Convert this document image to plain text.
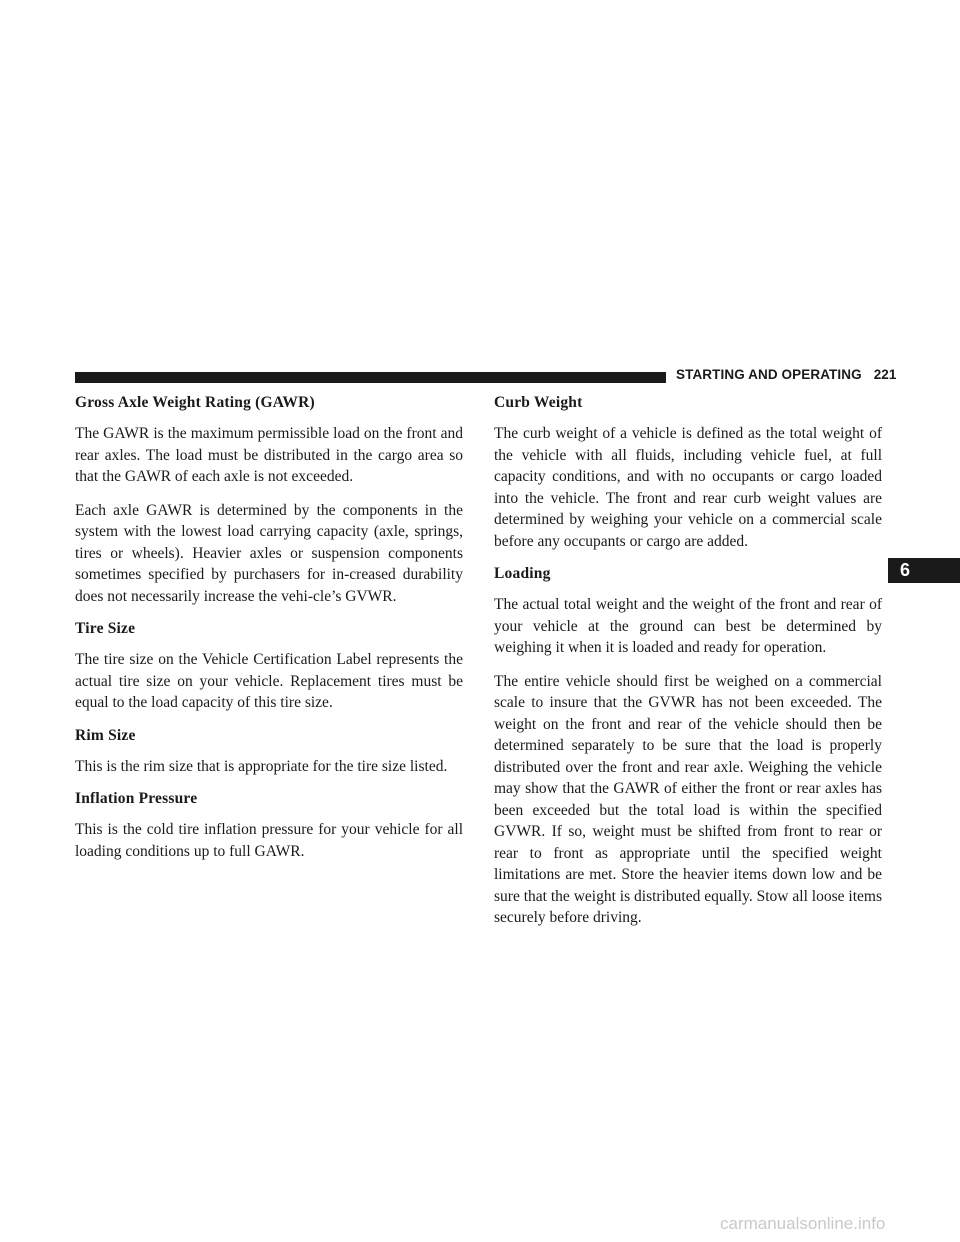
STARTING AND OPERATING 221
Gross Axle Weight Rating (GAWR)

The GAWR is the maximum permissible load on the front and rear axles. The load must be distributed in the cargo area so that the GAWR of each axle is not exceeded.

Each axle GAWR is determined by the components in the system with the lowest load carrying capacity (axle, springs, tires or wheels). Heavier axles or suspension components sometimes specified by purchasers for in-creased durability does not necessarily increase the vehi-cle’s GVWR.

Tire Size

The tire size on the Vehicle Certification Label represents the actual tire size on your vehicle. Replacement tires must be equal to the load capacity of this tire size.

Rim Size

This is the rim size that is appropriate for the tire size listed.

Inflation Pressure

This is the cold tire inflation pressure for your vehicle for all loading conditions up to full GAWR.

Curb Weight

The curb weight of a vehicle is defined as the total weight of the vehicle with all fluids, including vehicle fuel, at full capacity conditions, and with no occupants or cargo loaded into the vehicle. The front and rear curb weight values are determined by weighing your vehicle on a commercial scale before any occupants or cargo are added.

Loading

The actual total weight and the weight of the front and rear of your vehicle at the ground can best be determined by weighing it when it is loaded and ready for operation.

The entire vehicle should first be weighed on a commercial scale to insure that the GVWR has not been exceeded. The weight on the front and rear of the vehicle should then be determined separately to be sure that the load is properly distributed over the front and rear axle. Weighing the vehicle may show that the GAWR of either the front or rear axles has been exceeded but the total load is within the specified GVWR. If so, weight must be shifted from front to rear or rear to front as appropriate until the specified weight limitations are met. Store the heavier items down low and be sure that the weight is distributed equally. Stow all loose items securely before driving.

6
carmanualsonline.info
